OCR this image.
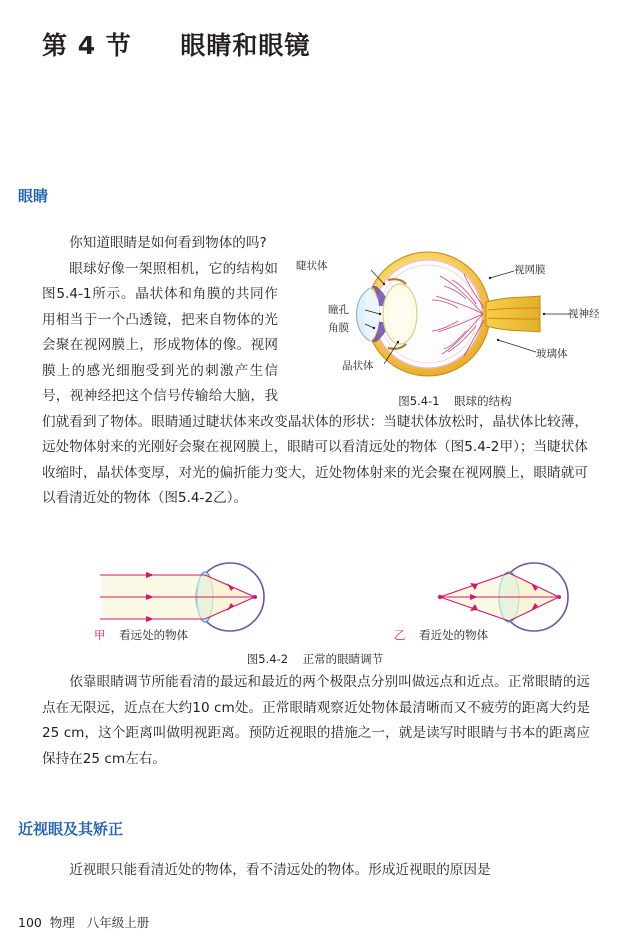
第 4 节     眼睛和眼镜
眼睛
睫状体
瞳孔
角膜
晶状体
视网膜
视神经
玻璃体
图5.4-1    眼球的结构
你知道眼睛是如何看到物体的吗?
眼球好像一架照相机，它的结构如图5.4-1所示。晶状体和角膜的共同作用相当于一个凸透镜，把来自物体的光会聚在视网膜上，形成物体的像。视网膜上的感光细胞受到光的刺激产生信号，视神经把这个信号传输给大脑，我们就看到了物体。眼睛通过睫状体来改变晶状体的形状：当睫状体放松时，晶状体比较薄，远处物体射来的光刚好会聚在视网膜上，眼睛可以看清远处的物体（图5.4-2甲）；当睫状体收缩时，晶状体变厚，对光的偏折能力变大，近处物体射来的光会聚在视网膜上，眼睛就可以看清近处的物体（图5.4-2乙）。
甲 看远处的物体	乙 看近处的物体
图5.4-2    正常的眼睛调节
依靠眼睛调节所能看清的最远和最近的两个极限点分别叫做远点和近点。正常眼睛的远点在无限远，近点在大约10 cm处。正常眼睛观察近处物体最清晰而又不疲劳的距离大约是25 cm，这个距离叫做明视距离。预防近视眼的措施之一，就是读写时眼睛与书本的距离应保持在25 cm左右。
近视眼及其矫正
近视眼只能看清近处的物体，看不清远处的物体。形成近视眼的原因是
100  物理   八年级上册
